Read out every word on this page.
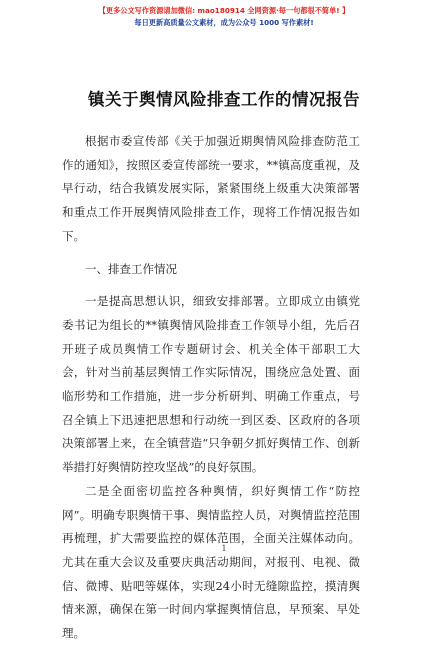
【更多公文写作资源请加微信: mao180914 全网资源·每一句都很不简单! 】
每日更新高质量公文素材，成为公众号 1000 写作素材!
镇关于舆情风险排查工作的情况报告

根据市委宣传部《关于加强近期舆情风险排查防范工作的通知》，按照区委宣传部统一要求，**镇高度重视，及早行动，结合我镇发展实际，紧紧围绕上级重大决策部署和重点工作开展舆情风险排查工作，现将工作情况报告如下。

一、排查工作情况

一是提高思想认识，细致安排部署。立即成立由镇党委书记为组长的**镇舆情风险排查工作领导小组，先后召开班子成员舆情工作专题研讨会、机关全体干部职工大会，针对当前基层舆情工作实际情况，围绕应急处置、面临形势和工作措施，进一步分析研判、明确工作重点，号召全镇上下迅速把思想和行动统一到区委、区政府的各项决策部署上来，在全镇营造“只争朝夕抓好舆情工作、创新举措打好舆情防控攻坚战”的良好氛围。

二是全面密切监控各种舆情，织好舆情工作“防控网”。明确专职舆情干事、舆情监控人员，对舆情监控范围再梳理，扩大需要监控的媒体范围，全面关注媒体动向。尤其在重大会议及重要庆典活动期间，对报刊、电视、微信、微博、贴吧等媒体，实现24小时无缝隙监控，摸清舆情来源，确保在第一时间内掌握舆情信息，早预案、早处理。

1
